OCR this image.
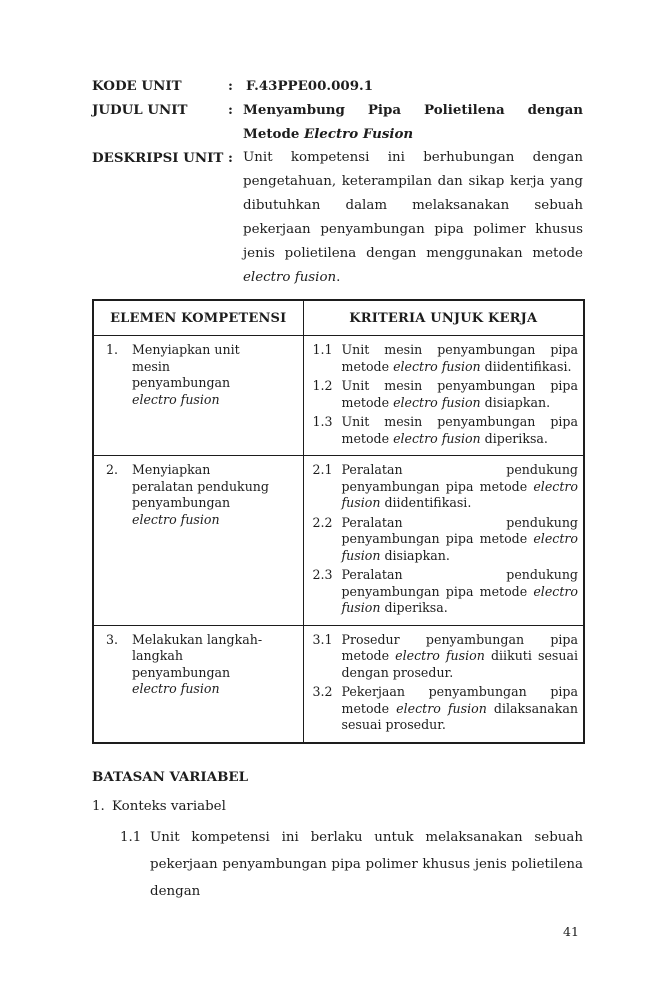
KODE UNIT	: F.43PPE00.009.1
JUDUL UNIT	: Menyambung Pipa Polietilena dengan Metode Electro Fusion
DESKRIPSI UNIT : Unit kompetensi ini berhubungan dengan pengetahuan, keterampilan dan sikap kerja yang dibutuhkan dalam melaksanakan sebuah pekerjaan penyambungan pipa polimer khusus jenis polietilena dengan menggunakan metode electro fusion.
ELEMEN KOMPETENSI	KRITERIA UNJUK KERJA

1.	Menyiapkan unit mesin penyambungan electro fusion

1.1 Unit mesin penyambungan pipa metode electro fusion diidentifikasi.
1.2 Unit mesin penyambungan pipa metode electro fusion disiapkan.
1.3 Unit mesin penyambungan pipa metode electro fusion diperiksa.

2.	Menyiapkan peralatan pendukung penyambungan electro fusion

2.1 Peralatan pendukung penyambungan pipa metode electro fusion diidentifikasi.
2.2 Peralatan pendukung penyambungan pipa metode electro fusion disiapkan.
2.3 Peralatan pendukung penyambungan pipa metode electro fusion diperiksa.

3.	Melakukan langkah-langkah penyambungan electro fusion

3.1 Prosedur penyambungan pipa metode electro fusion diikuti sesuai dengan prosedur.
3.2 Pekerjaan penyambungan pipa metode electro fusion dilaksanakan sesuai prosedur.
BATASAN VARIABEL
1. Konteks variabel
1.1 Unit kompetensi ini berlaku untuk melaksanakan sebuah pekerjaan penyambungan pipa polimer khusus jenis polietilena dengan
41
